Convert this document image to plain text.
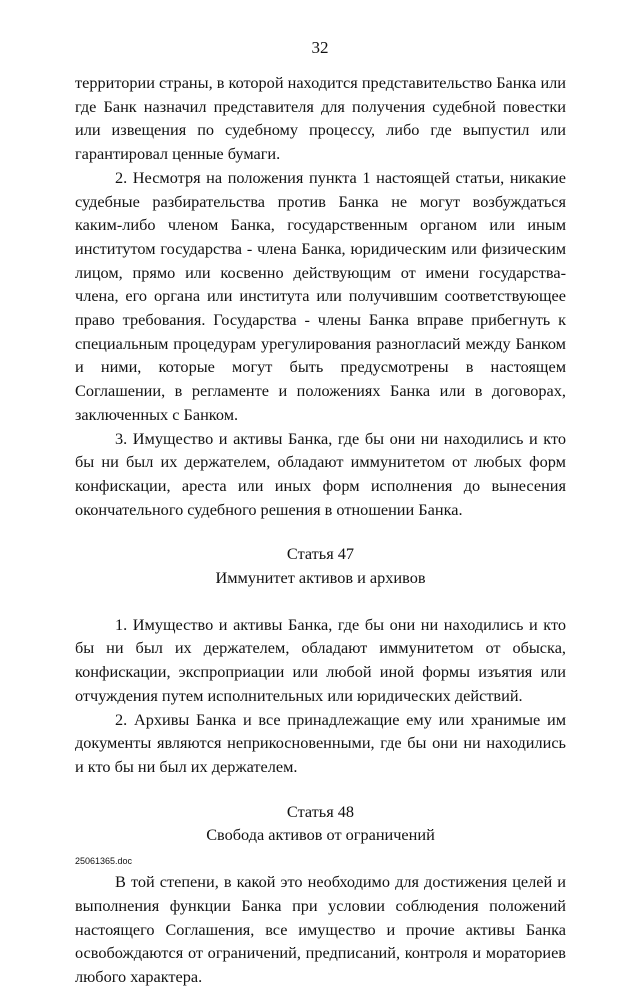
32

территории страны, в которой находится представительство Банка или где Банк назначил представителя для получения судебной повестки или извещения по судебному процессу, либо где выпустил или гарантировал ценные бумаги.

2. Несмотря на положения пункта 1 настоящей статьи, никакие судебные разбирательства против Банка не могут возбуждаться каким-либо членом Банка, государственным органом или иным институтом государства - члена Банка, юридическим или физическим лицом, прямо или косвенно действующим от имени государства-члена, его органа или института или получившим соответствующее право требования. Государства - члены Банка вправе прибегнуть к специальным процедурам урегулирования разногласий между Банком и ними, которые могут быть предусмотрены в настоящем Соглашении, в регламенте и положениях Банка или в договорах, заключенных с Банком.

3. Имущество и активы Банка, где бы они ни находились и кто бы ни был их держателем, обладают иммунитетом от любых форм конфискации, ареста или иных форм исполнения до вынесения окончательного судебного решения в отношении Банка.

Статья 47

Иммунитет активов и архивов

1. Имущество и активы Банка, где бы они ни находились и кто бы ни был их держателем, обладают иммунитетом от обыска, конфискации, экспроприации или любой иной формы изъятия или отчуждения путем исполнительных или юридических действий.

2. Архивы Банка и все принадлежащие ему или хранимые им документы являются неприкосновенными, где бы они ни находились и кто бы ни был их держателем.

Статья 48

Свобода активов от ограничений

В той степени, в какой это необходимо для достижения целей и выполнения функции Банка при условии соблюдения положений настоящего Соглашения, все имущество и прочие активы Банка освобождаются от ограничений, предписаний, контроля и мораториев любого характера.

25061365.doc
